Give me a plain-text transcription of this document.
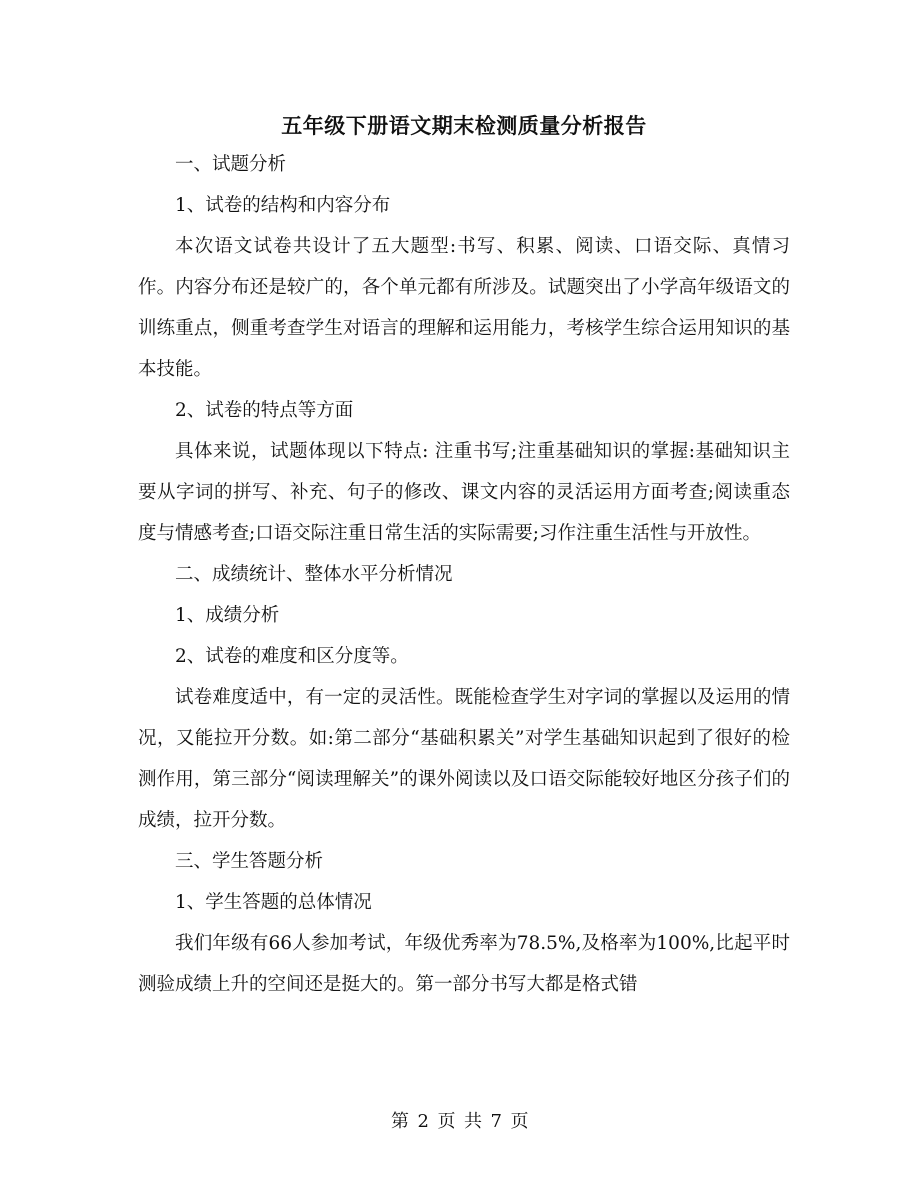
五年级下册语文期末检测质量分析报告

一、试题分析

1、试卷的结构和内容分布

本次语文试卷共设计了五大题型:书写、积累、阅读、口语交际、真情习作。内容分布还是较广的，各个单元都有所涉及。试题突出了小学高年级语文的训练重点，侧重考查学生对语言的理解和运用能力，考核学生综合运用知识的基本技能。

2、试卷的特点等方面

具体来说，试题体现以下特点: 注重书写;注重基础知识的掌握:基础知识主要从字词的拼写、补充、句子的修改、课文内容的灵活运用方面考查;阅读重态度与情感考查;口语交际注重日常生活的实际需要;习作注重生活性与开放性。

二、成绩统计、整体水平分析情况

1、成绩分析

2、试卷的难度和区分度等。

试卷难度适中，有一定的灵活性。既能检查学生对字词的掌握以及运用的情况，又能拉开分数。如:第二部分“基础积累关”对学生基础知识起到了很好的检测作用，第三部分“阅读理解关”的课外阅读以及口语交际能较好地区分孩子们的成绩，拉开分数。

三、学生答题分析

1、学生答题的总体情况

我们年级有66人参加考试，年级优秀率为78.5%,及格率为100%,比起平时测验成绩上升的空间还是挺大的。第一部分书写大都是格式错

第 2 页 共 7 页
